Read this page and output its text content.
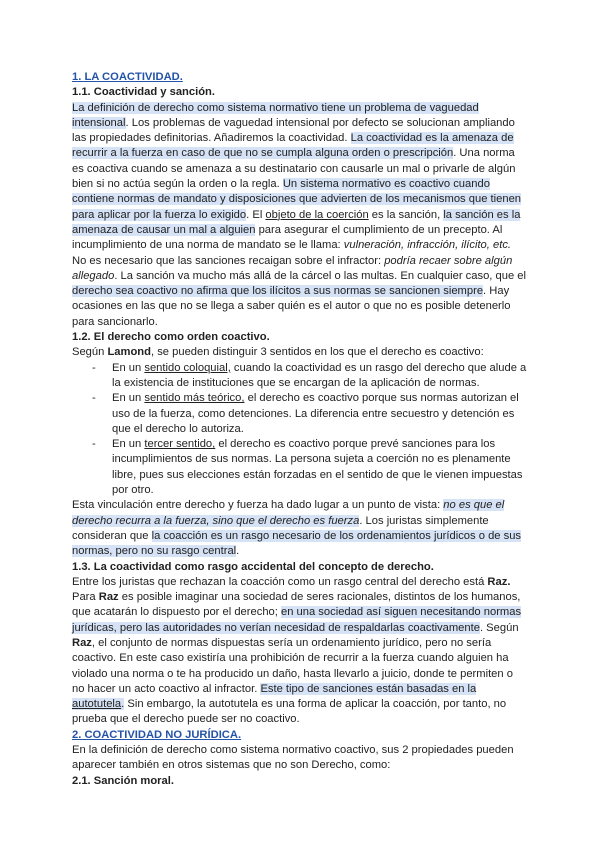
1. LA COACTIVIDAD.
1.1. Coactividad y sanción.

La definición de derecho como sistema normativo tiene un problema de vaguedad intensional. Los problemas de vaguedad intensional por defecto se solucionan ampliando las propiedades definitorias. Añadiremos la coactividad. La coactividad es la amenaza de recurrir a la fuerza en caso de que no se cumpla alguna orden o prescripción. Una norma es coactiva cuando se amenaza a su destinatario con causarle un mal o privarle de algún bien si no actúa según la orden o la regla. Un sistema normativo es coactivo cuando contiene normas de mandato y disposiciones que advierten de los mecanismos que tienen para aplicar por la fuerza lo exigido. El objeto de la coerción es la sanción, la sanción es la amenaza de causar un mal a alguien para asegurar el cumplimiento de un precepto. Al incumplimiento de una norma de mandato se le llama: vulneración, infracción, ilícito, etc. No es necesario que las sanciones recaigan sobre el infractor: podría recaer sobre algún allegado. La sanción va mucho más allá de la cárcel o las multas. En cualquier caso, que el derecho sea coactivo no afirma que los ilícitos a sus normas se sancionen siempre. Hay ocasiones en las que no se llega a saber quién es el autor o que no es posible detenerlo para sancionarlo.

1.2. El derecho como orden coactivo.

Según Lamond, se pueden distinguir 3 sentidos en los que el derecho es coactivo:

- En un sentido coloquial, cuando la coactividad es un rasgo del derecho que alude a la existencia de instituciones que se encargan de la aplicación de normas.
- En un sentido más teórico, el derecho es coactivo porque sus normas autorizan el uso de la fuerza, como detenciones. La diferencia entre secuestro y detención es que el derecho lo autoriza.
- En un tercer sentido, el derecho es coactivo porque prevé sanciones para los incumplimientos de sus normas. La persona sujeta a coerción no es plenamente libre, pues sus elecciones están forzadas en el sentido de que le vienen impuestas por otro.

Esta vinculación entre derecho y fuerza ha dado lugar a un punto de vista: no es que el derecho recurra a la fuerza, sino que el derecho es fuerza. Los juristas simplemente consideran que la coacción es un rasgo necesario de los ordenamientos jurídicos o de sus normas, pero no su rasgo central.

1.3. La coactividad como rasgo accidental del concepto de derecho.

Entre los juristas que rechazan la coacción como un rasgo central del derecho está Raz. Para Raz es posible imaginar una sociedad de seres racionales, distintos de los humanos, que acatarán lo dispuesto por el derecho; en una sociedad así siguen necesitando normas jurídicas, pero las autoridades no verían necesidad de respaldarlas coactivamente. Según Raz, el conjunto de normas dispuestas sería un ordenamiento jurídico, pero no sería coactivo. En este caso existiría una prohibición de recurrir a la fuerza cuando alguien ha violado una norma o te ha producido un daño, hasta llevarlo a juicio, donde te permiten o no hacer un acto coactivo al infractor. Este tipo de sanciones están basadas en la autotutela. Sin embargo, la autotutela es una forma de aplicar la coacción, por tanto, no prueba que el derecho puede ser no coactivo.

2. COACTIVIDAD NO JURÍDICA.

En la definición de derecho como sistema normativo coactivo, sus 2 propiedades pueden aparecer también en otros sistemas que no son Derecho, como:

2.1. Sanción moral.
